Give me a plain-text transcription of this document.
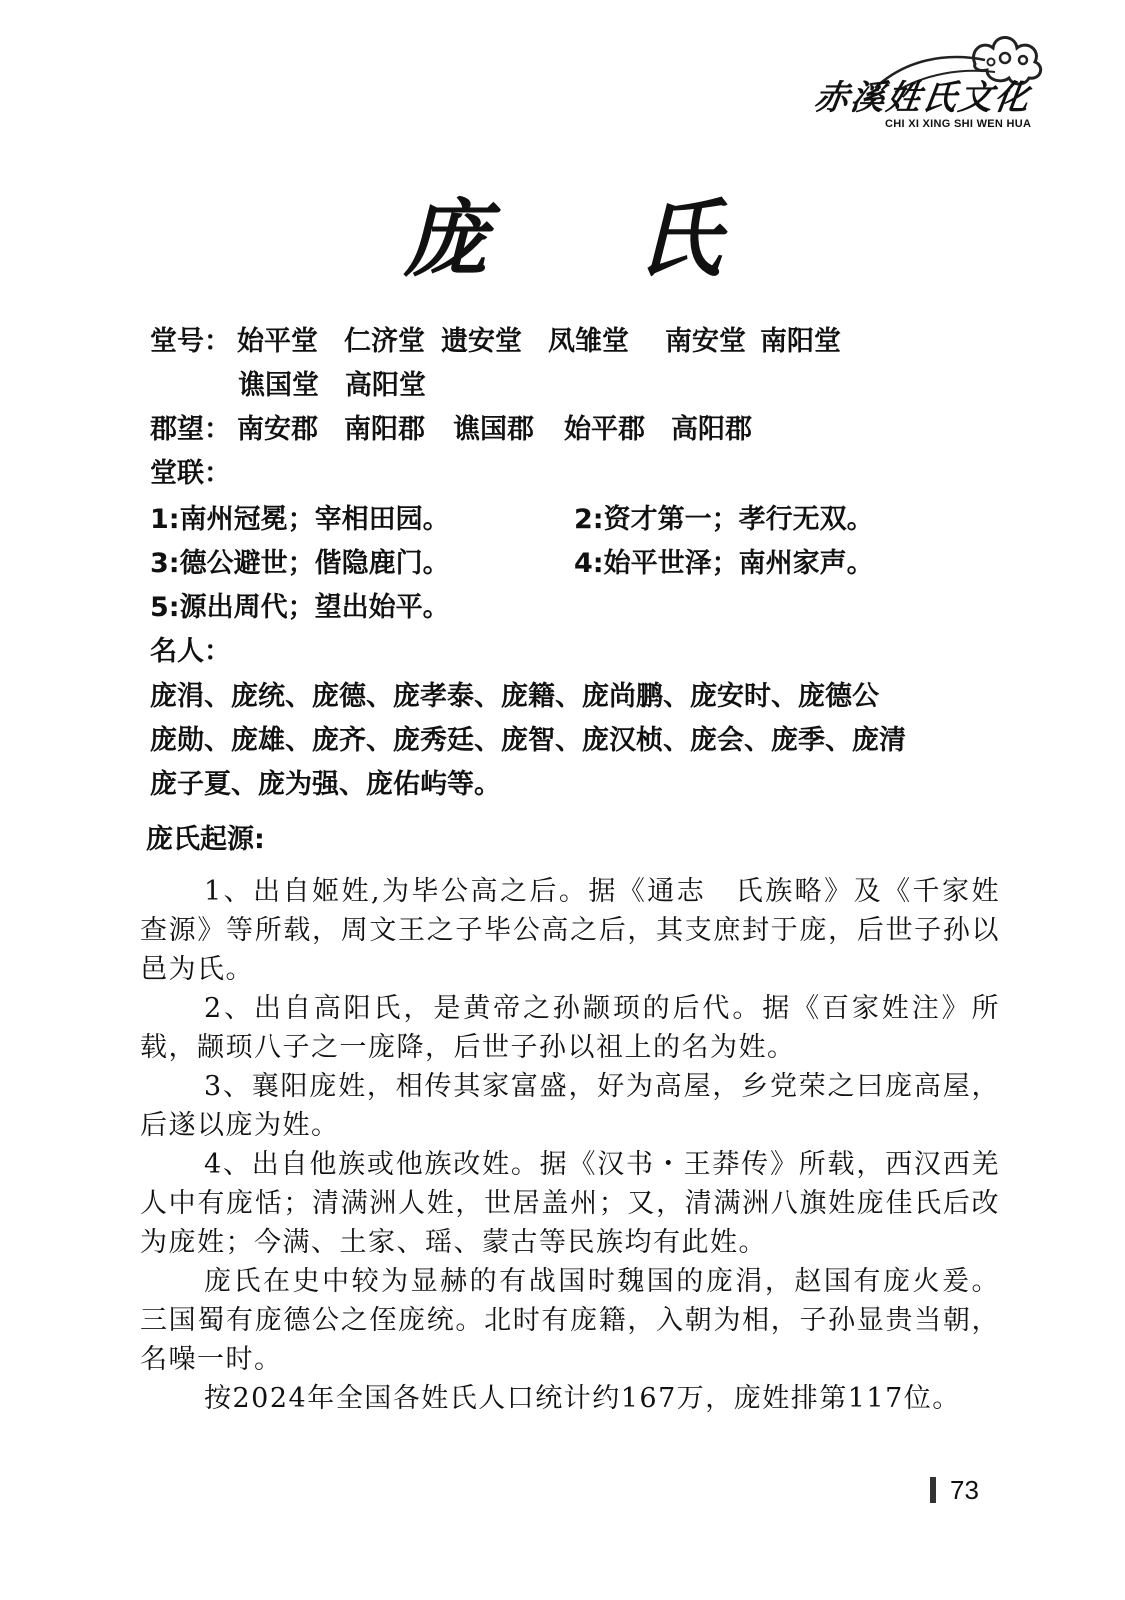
赤溪姓氏文化
CHI XI XING SHI WEN HUA
庞 氏
堂号： 始平堂 仁济堂 遗安堂 凤雏堂 南安堂 南阳堂
谯国堂 高阳堂
郡望： 南安郡 南阳郡 谯国郡 始平郡 高阳郡
堂联：
1:南州冠冕；宰相田园。	2:资才第一；孝行无双。
3:德公避世；偕隐鹿门。	4:始平世泽；南州家声。
5:源出周代；望出始平。
名人：
庞涓、庞统、庞德、庞孝泰、庞籍、庞尚鹏、庞安时、庞德公
庞勋、庞雄、庞齐、庞秀廷、庞智、庞汉桢、庞会、庞季、庞清
庞子夏、庞为强、庞佑屿等。
庞氏起源:

1、出自姬姓,为毕公高之后。据《通志　氏族略》及《千家姓查源》等所载，周文王之子毕公高之后，其支庶封于庞，后世子孙以邑为氏。

2、出自高阳氏，是黄帝之孙颛顼的后代。据《百家姓注》所载，颛顼八子之一庞降，后世子孙以祖上的名为姓。

3、襄阳庞姓，相传其家富盛，好为高屋，乡党荣之曰庞高屋，后遂以庞为姓。

4、出自他族或他族改姓。据《汉书・王莽传》所载，西汉西羌人中有庞恬；清满洲人姓，世居盖州；又，清满洲八旗姓庞佳氏后改为庞姓；今满、土家、瑶、蒙古等民族均有此姓。

庞氏在史中较为显赫的有战国时魏国的庞涓，赵国有庞火爰。三国蜀有庞德公之侄庞统。北时有庞籍，入朝为相，子孙显贵当朝，名噪一时。

按2024年全国各姓氏人口统计约167万，庞姓排第117位。

73
